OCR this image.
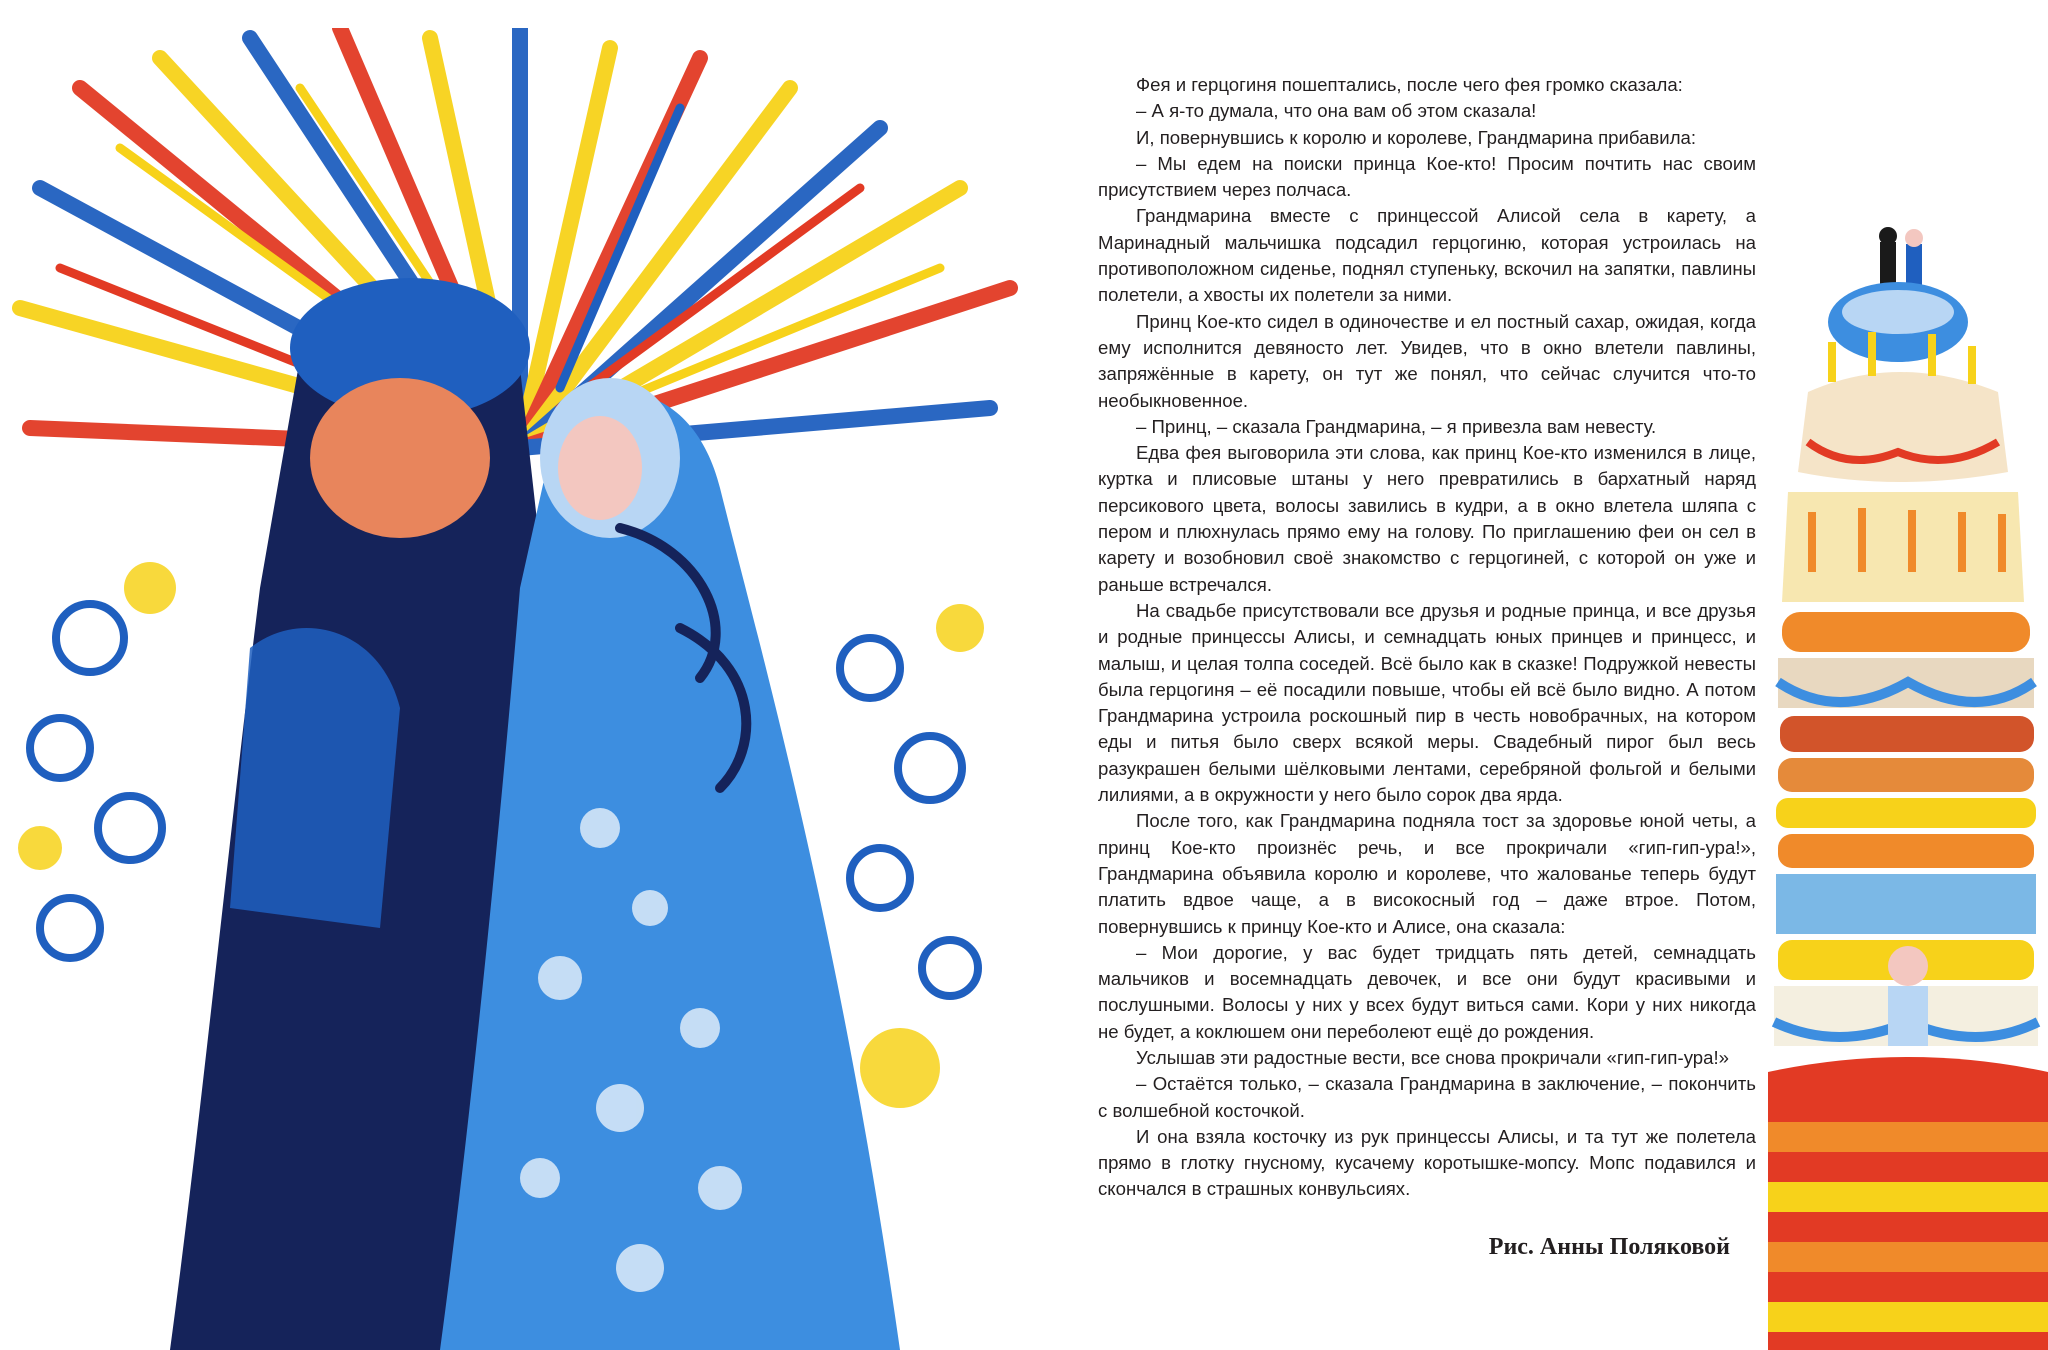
2

Фея и герцогиня пошептались, после чего фея громко сказала:

– А я-то думала, что она вам об этом сказала!

И, повернувшись к королю и королеве, Грандмарина прибавила:

– Мы едем на поиски принца Кое-кто! Просим почтить нас своим присутствием через полчаса.

Грандмарина вместе с принцессой Алисой села в карету, а Маринадный мальчишка подсадил герцогиню, которая устроилась на противоположном сиденье, поднял ступеньку, вскочил на запятки, павлины полетели, а хвосты их полетели за ними.

Принц Кое-кто сидел в одиночестве и ел постный сахар, ожидая, когда ему исполнится девяносто лет. Увидев, что в окно влетели павлины, запряжённые в карету, он тут же понял, что сейчас случится что-то необыкновенное.

– Принц, – сказала Грандмарина, – я привезла вам невесту.

Едва фея выговорила эти слова, как принц Кое-кто изменился в лице, куртка и плисовые штаны у него превратились в бархатный наряд персикового цвета, волосы завились в кудри, а в окно влетела шляпа с пером и плюхнулась прямо ему на голову. По приглашению феи он сел в карету и возобновил своё знакомство с герцогиней, с которой он уже и раньше встречался.

На свадьбе присутствовали все друзья и родные принца, и все друзья и родные принцессы Алисы, и семнадцать юных принцев и принцесс, и малыш, и целая толпа соседей. Всё было как в сказке! Подружкой невесты была герцогиня – её посадили повыше, чтобы ей всё было видно. А потом Грандмарина устроила роскошный пир в честь новобрачных, на котором еды и питья было сверх всякой меры. Свадебный пирог был весь разукрашен белыми шёлковыми лентами, серебряной фольгой и белыми лилиями, а в окружности у него было сорок два ярда.

После того, как Грандмарина подняла тост за здоровье юной четы, а принц Кое-кто произнёс речь, и все прокричали «гип-гип-ура!», Грандмарина объявила королю и королеве, что жалованье теперь будут платить вдвое чаще, а в високосный год – даже втрое. Потом, повернувшись к принцу Кое-кто и Алисе, она сказала:

– Мои дорогие, у вас будет тридцать пять детей, семнадцать мальчиков и восемнадцать девочек, и все они будут красивыми и послушными. Волосы у них у всех будут виться сами. Кори у них никогда не будет, а коклюшем они переболеют ещё до рождения.

Услышав эти радостные вести, все снова прокричали «гип-гип-ура!»

– Остаётся только, – сказала Грандмарина в заключение, – покончить с волшебной косточкой.

И она взяла косточку из рук принцессы Алисы, и та тут же полетела прямо в глотку гнусному, кусачему коротышке-мопсу. Мопс подавился и скончался в страшных конвульсиях.

Рис. Анны Поляковой
